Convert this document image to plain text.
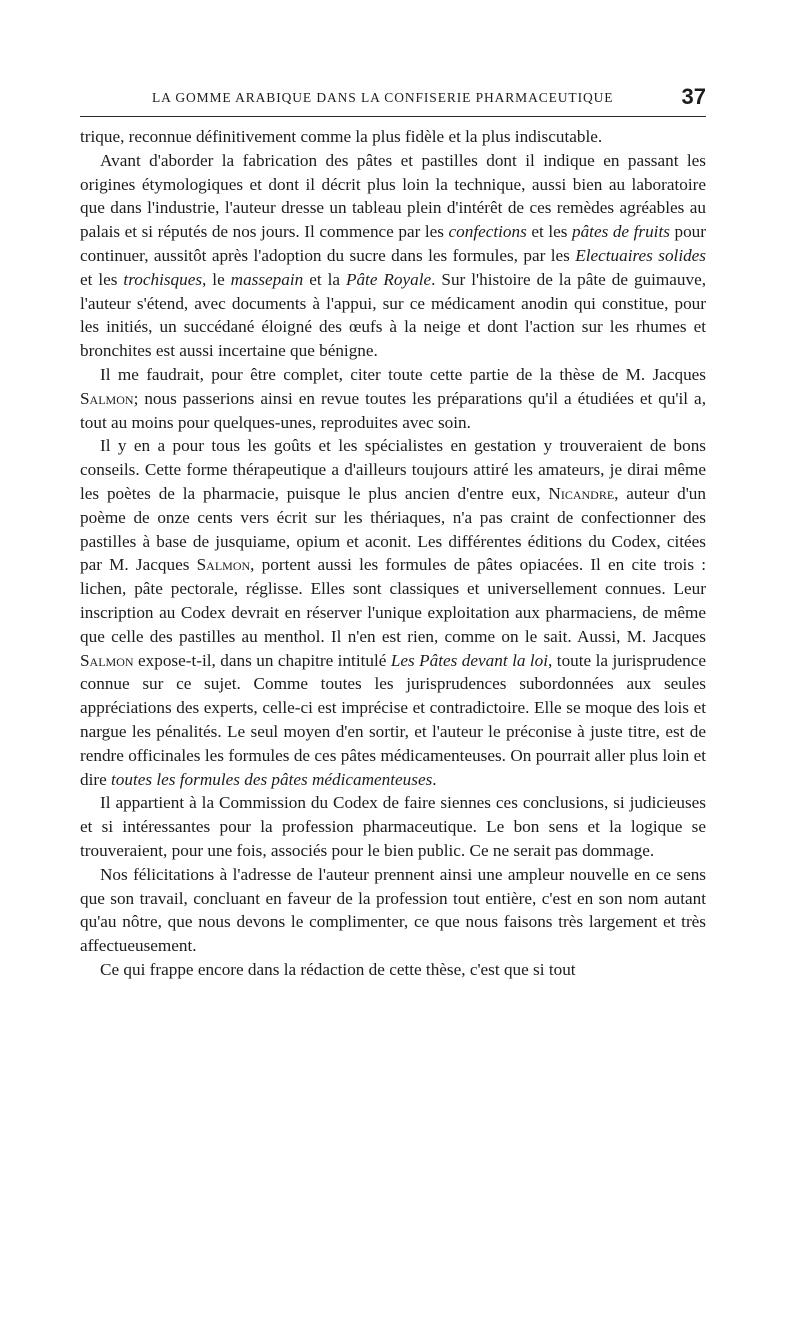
LA GOMME ARABIQUE DANS LA CONFISERIE PHARMACEUTIQUE	37

trique, reconnue définitivement comme la plus fidèle et la plus indiscutable.

Avant d'aborder la fabrication des pâtes et pastilles dont il indique en passant les origines étymologiques et dont il décrit plus loin la technique, aussi bien au laboratoire que dans l'industrie, l'auteur dresse un tableau plein d'intérêt de ces remèdes agréables au palais et si réputés de nos jours. Il commence par les confections et les pâtes de fruits pour continuer, aussitôt après l'adoption du sucre dans les formules, par les Electuaires solides et les trochisques, le massepain et la Pâte Royale. Sur l'histoire de la pâte de guimauve, l'auteur s'étend, avec documents à l'appui, sur ce médicament anodin qui constitue, pour les initiés, un succédané éloigné des œufs à la neige et dont l'action sur les rhumes et bronchites est aussi incertaine que bénigne.

Il me faudrait, pour être complet, citer toute cette partie de la thèse de M. Jacques Salmon; nous passerions ainsi en revue toutes les préparations qu'il a étudiées et qu'il a, tout au moins pour quelques-unes, reproduites avec soin.

Il y en a pour tous les goûts et les spécialistes en gestation y trouveraient de bons conseils. Cette forme thérapeutique a d'ailleurs toujours attiré les amateurs, je dirai même les poètes de la pharmacie, puisque le plus ancien d'entre eux, Nicandre, auteur d'un poème de onze cents vers écrit sur les thériaques, n'a pas craint de confectionner des pastilles à base de jusquiame, opium et aconit. Les différentes éditions du Codex, citées par M. Jacques Salmon, portent aussi les formules de pâtes opiacées. Il en cite trois : lichen, pâte pectorale, réglisse. Elles sont classiques et universellement connues. Leur inscription au Codex devrait en réserver l'unique exploitation aux pharmaciens, de même que celle des pastilles au menthol. Il n'en est rien, comme on le sait. Aussi, M. Jacques Salmon expose-t-il, dans un chapitre intitulé Les Pâtes devant la loi, toute la jurisprudence connue sur ce sujet. Comme toutes les jurisprudences subordonnées aux seules appréciations des experts, celle-ci est imprécise et contradictoire. Elle se moque des lois et nargue les pénalités. Le seul moyen d'en sortir, et l'auteur le préconise à juste titre, est de rendre officinales les formules de ces pâtes médicamenteuses. On pourrait aller plus loin et dire toutes les formules des pâtes médicamenteuses.

Il appartient à la Commission du Codex de faire siennes ces conclusions, si judicieuses et si intéressantes pour la profession pharmaceutique. Le bon sens et la logique se trouveraient, pour une fois, associés pour le bien public. Ce ne serait pas dommage.

Nos félicitations à l'adresse de l'auteur prennent ainsi une ampleur nouvelle en ce sens que son travail, concluant en faveur de la profession tout entière, c'est en son nom autant qu'au nôtre, que nous devons le complimenter, ce que nous faisons très largement et très affectueusement.

Ce qui frappe encore dans la rédaction de cette thèse, c'est que si tout
